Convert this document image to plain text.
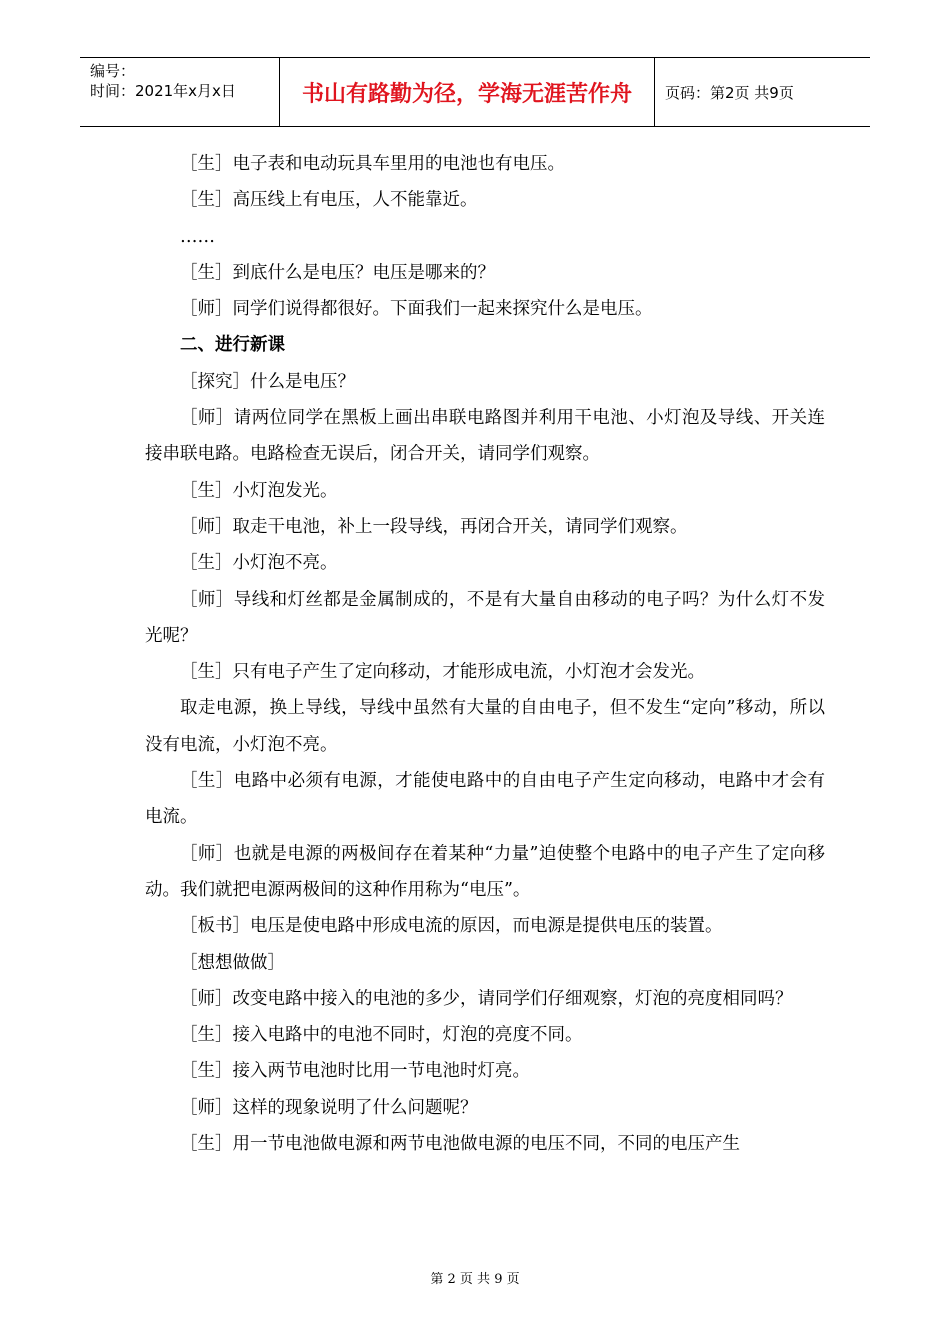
编号：
时间：2021年x月x日	书山有路勤为径，学海无涯苦作舟	页码：第2页 共9页

［生］电子表和电动玩具车里用的电池也有电压。

［生］高压线上有电压，人不能靠近。

……

［生］到底什么是电压？电压是哪来的？

［师］同学们说得都很好。下面我们一起来探究什么是电压。

二、进行新课

［探究］什么是电压？

［师］请两位同学在黑板上画出串联电路图并利用干电池、小灯泡及导线、开关连接串联电路。电路检查无误后，闭合开关，请同学们观察。

［生］小灯泡发光。

［师］取走干电池，补上一段导线，再闭合开关，请同学们观察。

［生］小灯泡不亮。

［师］导线和灯丝都是金属制成的，不是有大量自由移动的电子吗？为什么灯不发光呢？

［生］只有电子产生了定向移动，才能形成电流，小灯泡才会发光。

取走电源，换上导线，导线中虽然有大量的自由电子，但不发生“定向”移动，所以没有电流，小灯泡不亮。

［生］电路中必须有电源，才能使电路中的自由电子产生定向移动，电路中才会有电流。

［师］也就是电源的两极间存在着某种“力量”迫使整个电路中的电子产生了定向移动。我们就把电源两极间的这种作用称为“电压”。

［板书］电压是使电路中形成电流的原因，而电源是提供电压的装置。

［想想做做］

［师］改变电路中接入的电池的多少，请同学们仔细观察，灯泡的亮度相同吗？

［生］接入电路中的电池不同时，灯泡的亮度不同。

［生］接入两节电池时比用一节电池时灯亮。

［师］这样的现象说明了什么问题呢？

［生］用一节电池做电源和两节电池做电源的电压不同，不同的电压产生

第 2 页 共 9 页
